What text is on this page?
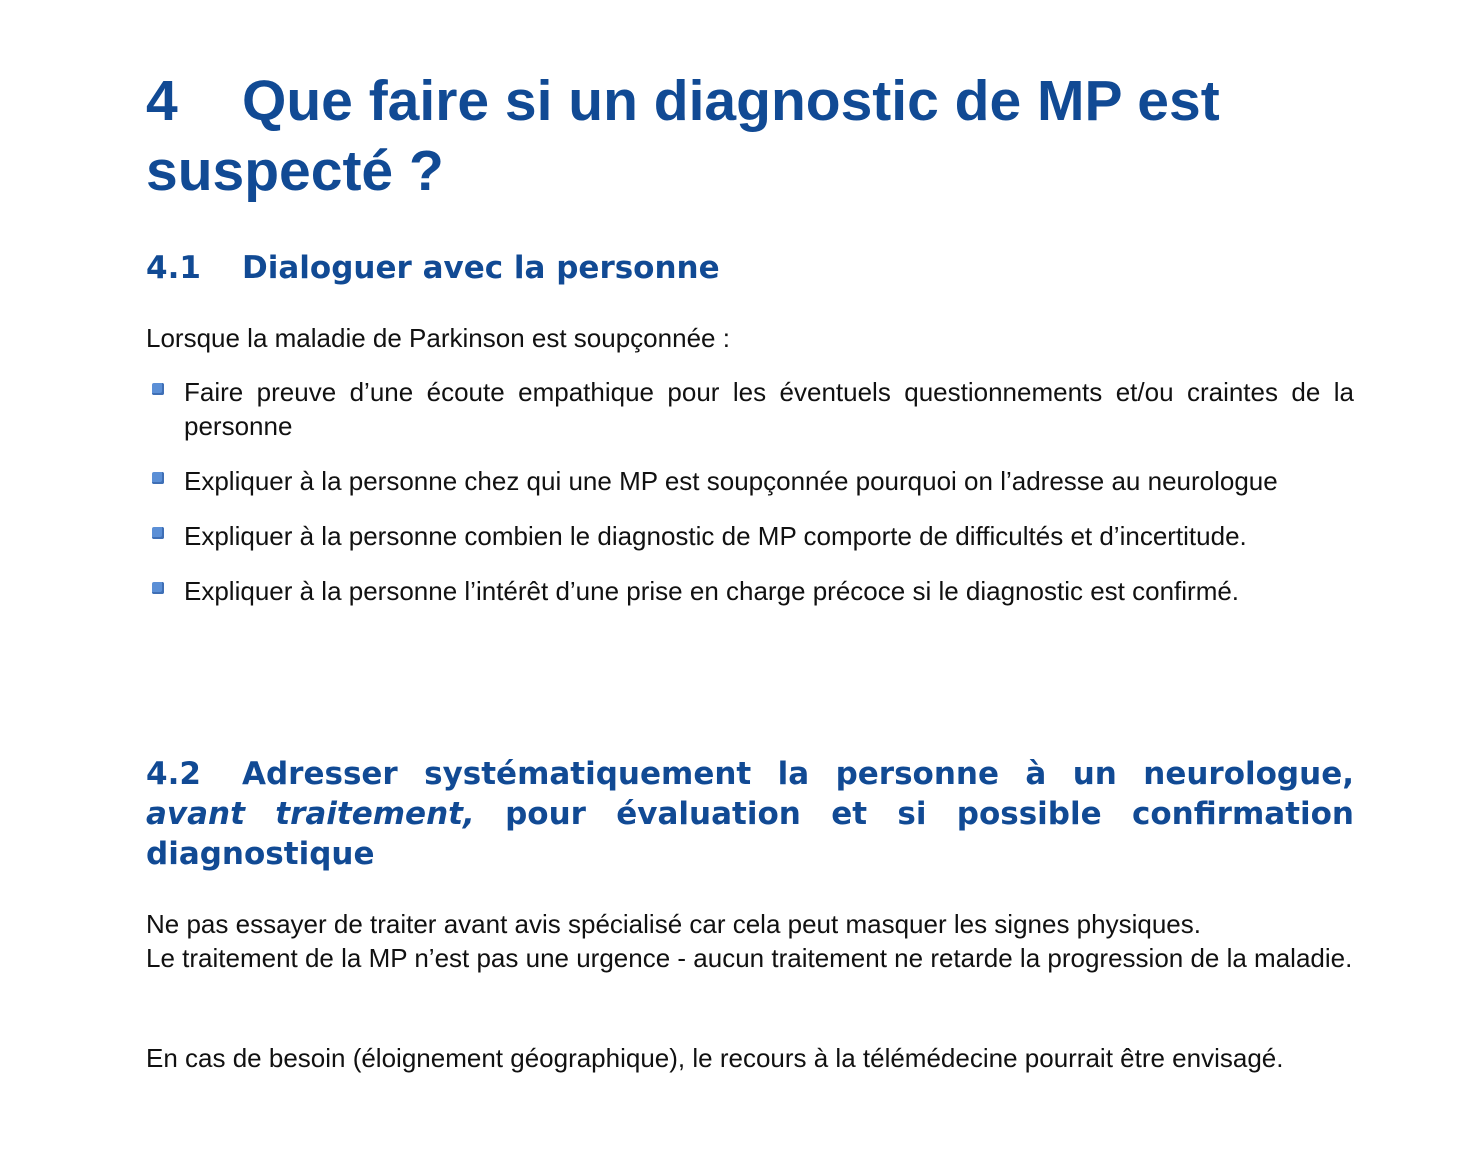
4 Que faire si un diagnostic de MP est suspecté ?
4.1 Dialoguer avec la personne

Lorsque la maladie de Parkinson est soupçonnée :

Faire preuve d’une écoute empathique pour les éventuels questionnements et/ou craintes de la personne
Expliquer à la personne chez qui une MP est soupçonnée pourquoi on l’adresse au neurologue
Expliquer à la personne combien le diagnostic de MP comporte de difficultés et d’incertitude.
Expliquer à la personne l’intérêt d’une prise en charge précoce si le diagnostic est confirmé.
4.2 Adresser systématiquement la personne à un neurologue, avant traitement, pour évaluation et si possible confirmation diagnostique

Ne pas essayer de traiter avant avis spécialisé car cela peut masquer les signes physiques.

Le traitement de la MP n’est pas une urgence - aucun traitement ne retarde la progression de la maladie.

En cas de besoin (éloignement géographique), le recours à la télémédecine pourrait être envisagé.
